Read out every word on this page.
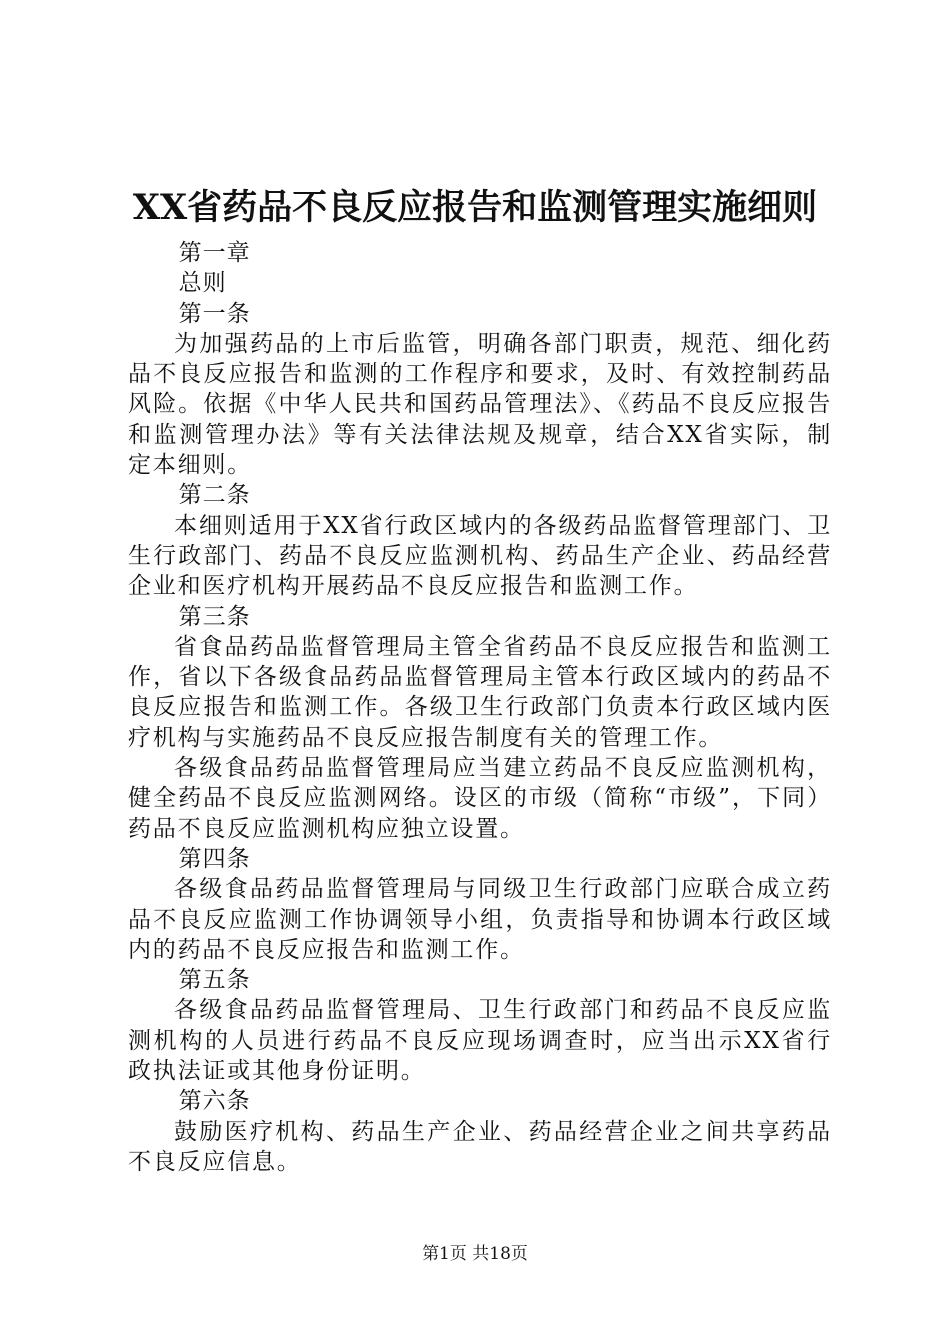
XX省药品不良反应报告和监测管理实施细则

第一章

总则

第一条

为加强药品的上市后监管，明确各部门职责，规范、细化药品不良反应报告和监测的工作程序和要求，及时、有效控制药品风险。依据《中华人民共和国药品管理法》、《药品不良反应报告和监测管理办法》等有关法律法规及规章，结合XX省实际，制定本细则。

第二条

本细则适用于XX省行政区域内的各级药品监督管理部门、卫生行政部门、药品不良反应监测机构、药品生产企业、药品经营企业和医疗机构开展药品不良反应报告和监测工作。

第三条

省食品药品监督管理局主管全省药品不良反应报告和监测工作，省以下各级食品药品监督管理局主管本行政区域内的药品不良反应报告和监测工作。各级卫生行政部门负责本行政区域内医疗机构与实施药品不良反应报告制度有关的管理工作。

各级食品药品监督管理局应当建立药品不良反应监测机构，健全药品不良反应监测网络。设区的市级（简称“市级”，下同）药品不良反应监测机构应独立设置。

第四条

各级食品药品监督管理局与同级卫生行政部门应联合成立药品不良反应监测工作协调领导小组，负责指导和协调本行政区域内的药品不良反应报告和监测工作。

第五条

各级食品药品监督管理局、卫生行政部门和药品不良反应监测机构的人员进行药品不良反应现场调查时，应当出示XX省行政执法证或其他身份证明。

第六条

鼓励医疗机构、药品生产企业、药品经营企业之间共享药品不良反应信息。

第1页 共18页
